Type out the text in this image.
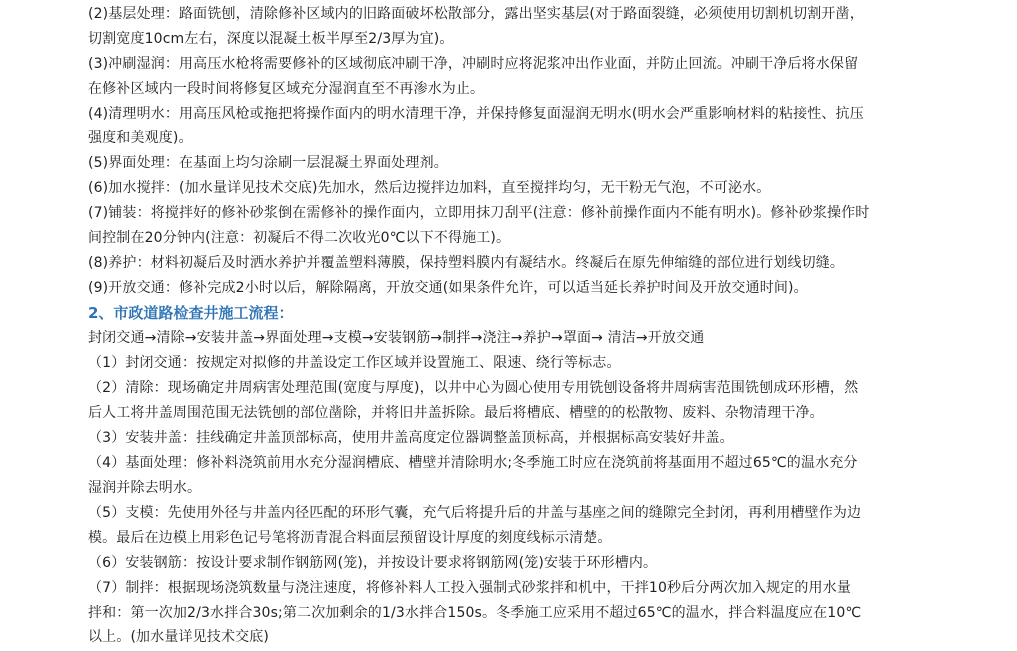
(2)基层处理：路面铣刨，清除修补区域内的旧路面破坏松散部分，露出坚实基层(对于路面裂缝，必须使用切割机切割开凿，
切割宽度10cm左右，深度以混凝土板半厚至2/3厚为宜)。
(3)冲刷湿润：用高压水枪将需要修补的区域彻底冲刷干净，冲刷时应将泥浆冲出作业面，并防止回流。冲刷干净后将水保留
在修补区域内一段时间将修复区域充分湿润直至不再渗水为止。
(4)清理明水：用高压风枪或拖把将操作面内的明水清理干净，并保持修复面湿润无明水(明水会严重影响材料的粘接性、抗压
强度和美观度)。
(5)界面处理：在基面上均匀涂刷一层混凝土界面处理剂。
(6)加水搅拌：(加水量详见技术交底)先加水，然后边搅拌边加料，直至搅拌均匀，无干粉无气泡，不可泌水。
(7)铺装：将搅拌好的修补砂浆倒在需修补的操作面内，立即用抹刀刮平(注意：修补前操作面内不能有明水)。修补砂浆操作时
间控制在20分钟内(注意：初凝后不得二次收光0℃以下不得施工)。
(8)养护：材料初凝后及时洒水养护并覆盖塑料薄膜，保持塑料膜内有凝结水。终凝后在原先伸缩缝的部位进行划线切缝。
(9)开放交通：修补完成2小时以后，解除隔离，开放交通(如果条件允许，可以适当延长养护时间及开放交通时间)。
2、市政道路检查井施工流程：
封闭交通→清除→安装井盖→界面处理→支模→安装钢筋→制拌→浇注→养护→罩面→ 清洁→开放交通
（1）封闭交通：按规定对拟修的井盖设定工作区域并设置施工、限速、绕行等标志。
（2）清除：现场确定井周病害处理范围(宽度与厚度)，以井中心为圆心使用专用铣刨设备将井周病害范围铣刨成环形槽，然
后人工将井盖周围范围无法铣刨的部位凿除，并将旧井盖拆除。最后将槽底、槽壁的的松散物、废料、杂物清理干净。
（3）安装井盖：挂线确定井盖顶部标高，使用井盖高度定位器调整盖顶标高，并根据标高安装好井盖。
（4）基面处理：修补料浇筑前用水充分湿润槽底、槽壁并清除明水;冬季施工时应在浇筑前将基面用不超过65℃的温水充分
湿润并除去明水。
（5）支模：先使用外径与井盖内径匹配的环形气囊，充气后将提升后的井盖与基座之间的缝隙完全封闭，再利用槽壁作为边
模。最后在边模上用彩色记号笔将沥青混合料面层预留设计厚度的刻度线标示清楚。
（6）安装钢筋：按设计要求制作钢筋网(笼)，并按设计要求将钢筋网(笼)安装于环形槽内。
（7）制拌：根据现场浇筑数量与浇注速度，将修补料人工投入强制式砂浆拌和机中，干拌10秒后分两次加入规定的用水量
拌和：第一次加2/3水拌合30s;第二次加剩余的1/3水拌合150s。冬季施工应采用不超过65℃的温水，拌合料温度应在10℃
以上。(加水量详见技术交底)
